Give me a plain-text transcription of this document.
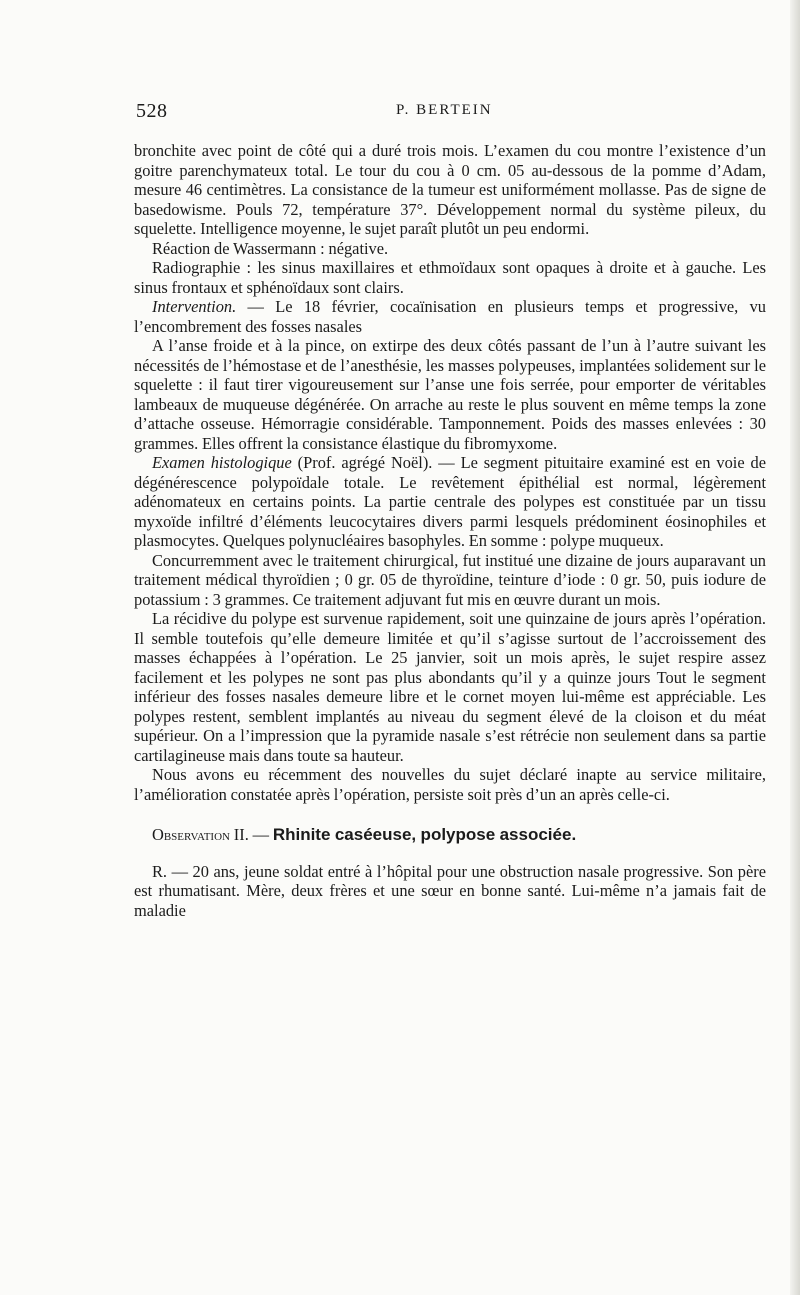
528	P. BERTEIN

bronchite avec point de côté qui a duré trois mois. L’examen du cou montre l’existence d’un goitre parenchymateux total. Le tour du cou à 0 cm. 05 au-dessous de la pomme d’Adam, mesure 46 centimètres. La consistance de la tumeur est uniformément mollasse. Pas de signe de basedowisme. Pouls 72, température 37°. Développement normal du système pileux, du squelette. Intelligence moyenne, le sujet paraît plutôt un peu endormi.

Réaction de Wassermann : négative.

Radiographie : les sinus maxillaires et ethmoïdaux sont opaques à droite et à gauche. Les sinus frontaux et sphénoïdaux sont clairs.

Intervention. — Le 18 février, cocaïnisation en plusieurs temps et progressive, vu l’encombrement des fosses nasales

A l’anse froide et à la pince, on extirpe des deux côtés passant de l’un à l’autre suivant les nécessités de l’hémostase et de l’anesthésie, les masses polypeuses, implantées solidement sur le squelette : il faut tirer vigoureusement sur l’anse une fois serrée, pour emporter de véritables lambeaux de muqueuse dégénérée. On arrache au reste le plus souvent en même temps la zone d’attache osseuse. Hémorragie considérable. Tamponnement. Poids des masses enlevées : 30 grammes. Elles offrent la consistance élastique du fibromyxome.

Examen histologique (Prof. agrégé Noël). — Le segment pituitaire examiné est en voie de dégénérescence polypoïdale totale. Le revêtement épithélial est normal, légèrement adénomateux en certains points. La partie centrale des polypes est constituée par un tissu myxoïde infiltré d’éléments leucocytaires divers parmi lesquels prédominent éosinophiles et plasmocytes. Quelques polynucléaires basophyles. En somme : polype muqueux.

Concurremment avec le traitement chirurgical, fut institué une dizaine de jours auparavant un traitement médical thyroïdien ; 0 gr. 05 de thyroïdine, teinture d’iode : 0 gr. 50, puis iodure de potassium : 3 grammes. Ce traitement adjuvant fut mis en œuvre durant un mois.

La récidive du polype est survenue rapidement, soit une quinzaine de jours après l’opération. Il semble toutefois qu’elle demeure limitée et qu’il s’agisse surtout de l’accroissement des masses échappées à l’opération. Le 25 janvier, soit un mois après, le sujet respire assez facilement et les polypes ne sont pas plus abondants qu’il y a quinze jours Tout le segment inférieur des fosses nasales demeure libre et le cornet moyen lui-même est appréciable. Les polypes restent, semblent implantés au niveau du segment élevé de la cloison et du méat supérieur. On a l’impression que la pyramide nasale s’est rétrécie non seulement dans sa partie cartilagineuse mais dans toute sa hauteur.

Nous avons eu récemment des nouvelles du sujet déclaré inapte au service militaire, l’amélioration constatée après l’opération, persiste soit près d’un an après celle-ci.

Observation II. — Rhinite caséeuse, polypose associée.

R. — 20 ans, jeune soldat entré à l’hôpital pour une obstruction nasale progressive. Son père est rhumatisant. Mère, deux frères et une sœur en bonne santé. Lui-même n’a jamais fait de maladie
